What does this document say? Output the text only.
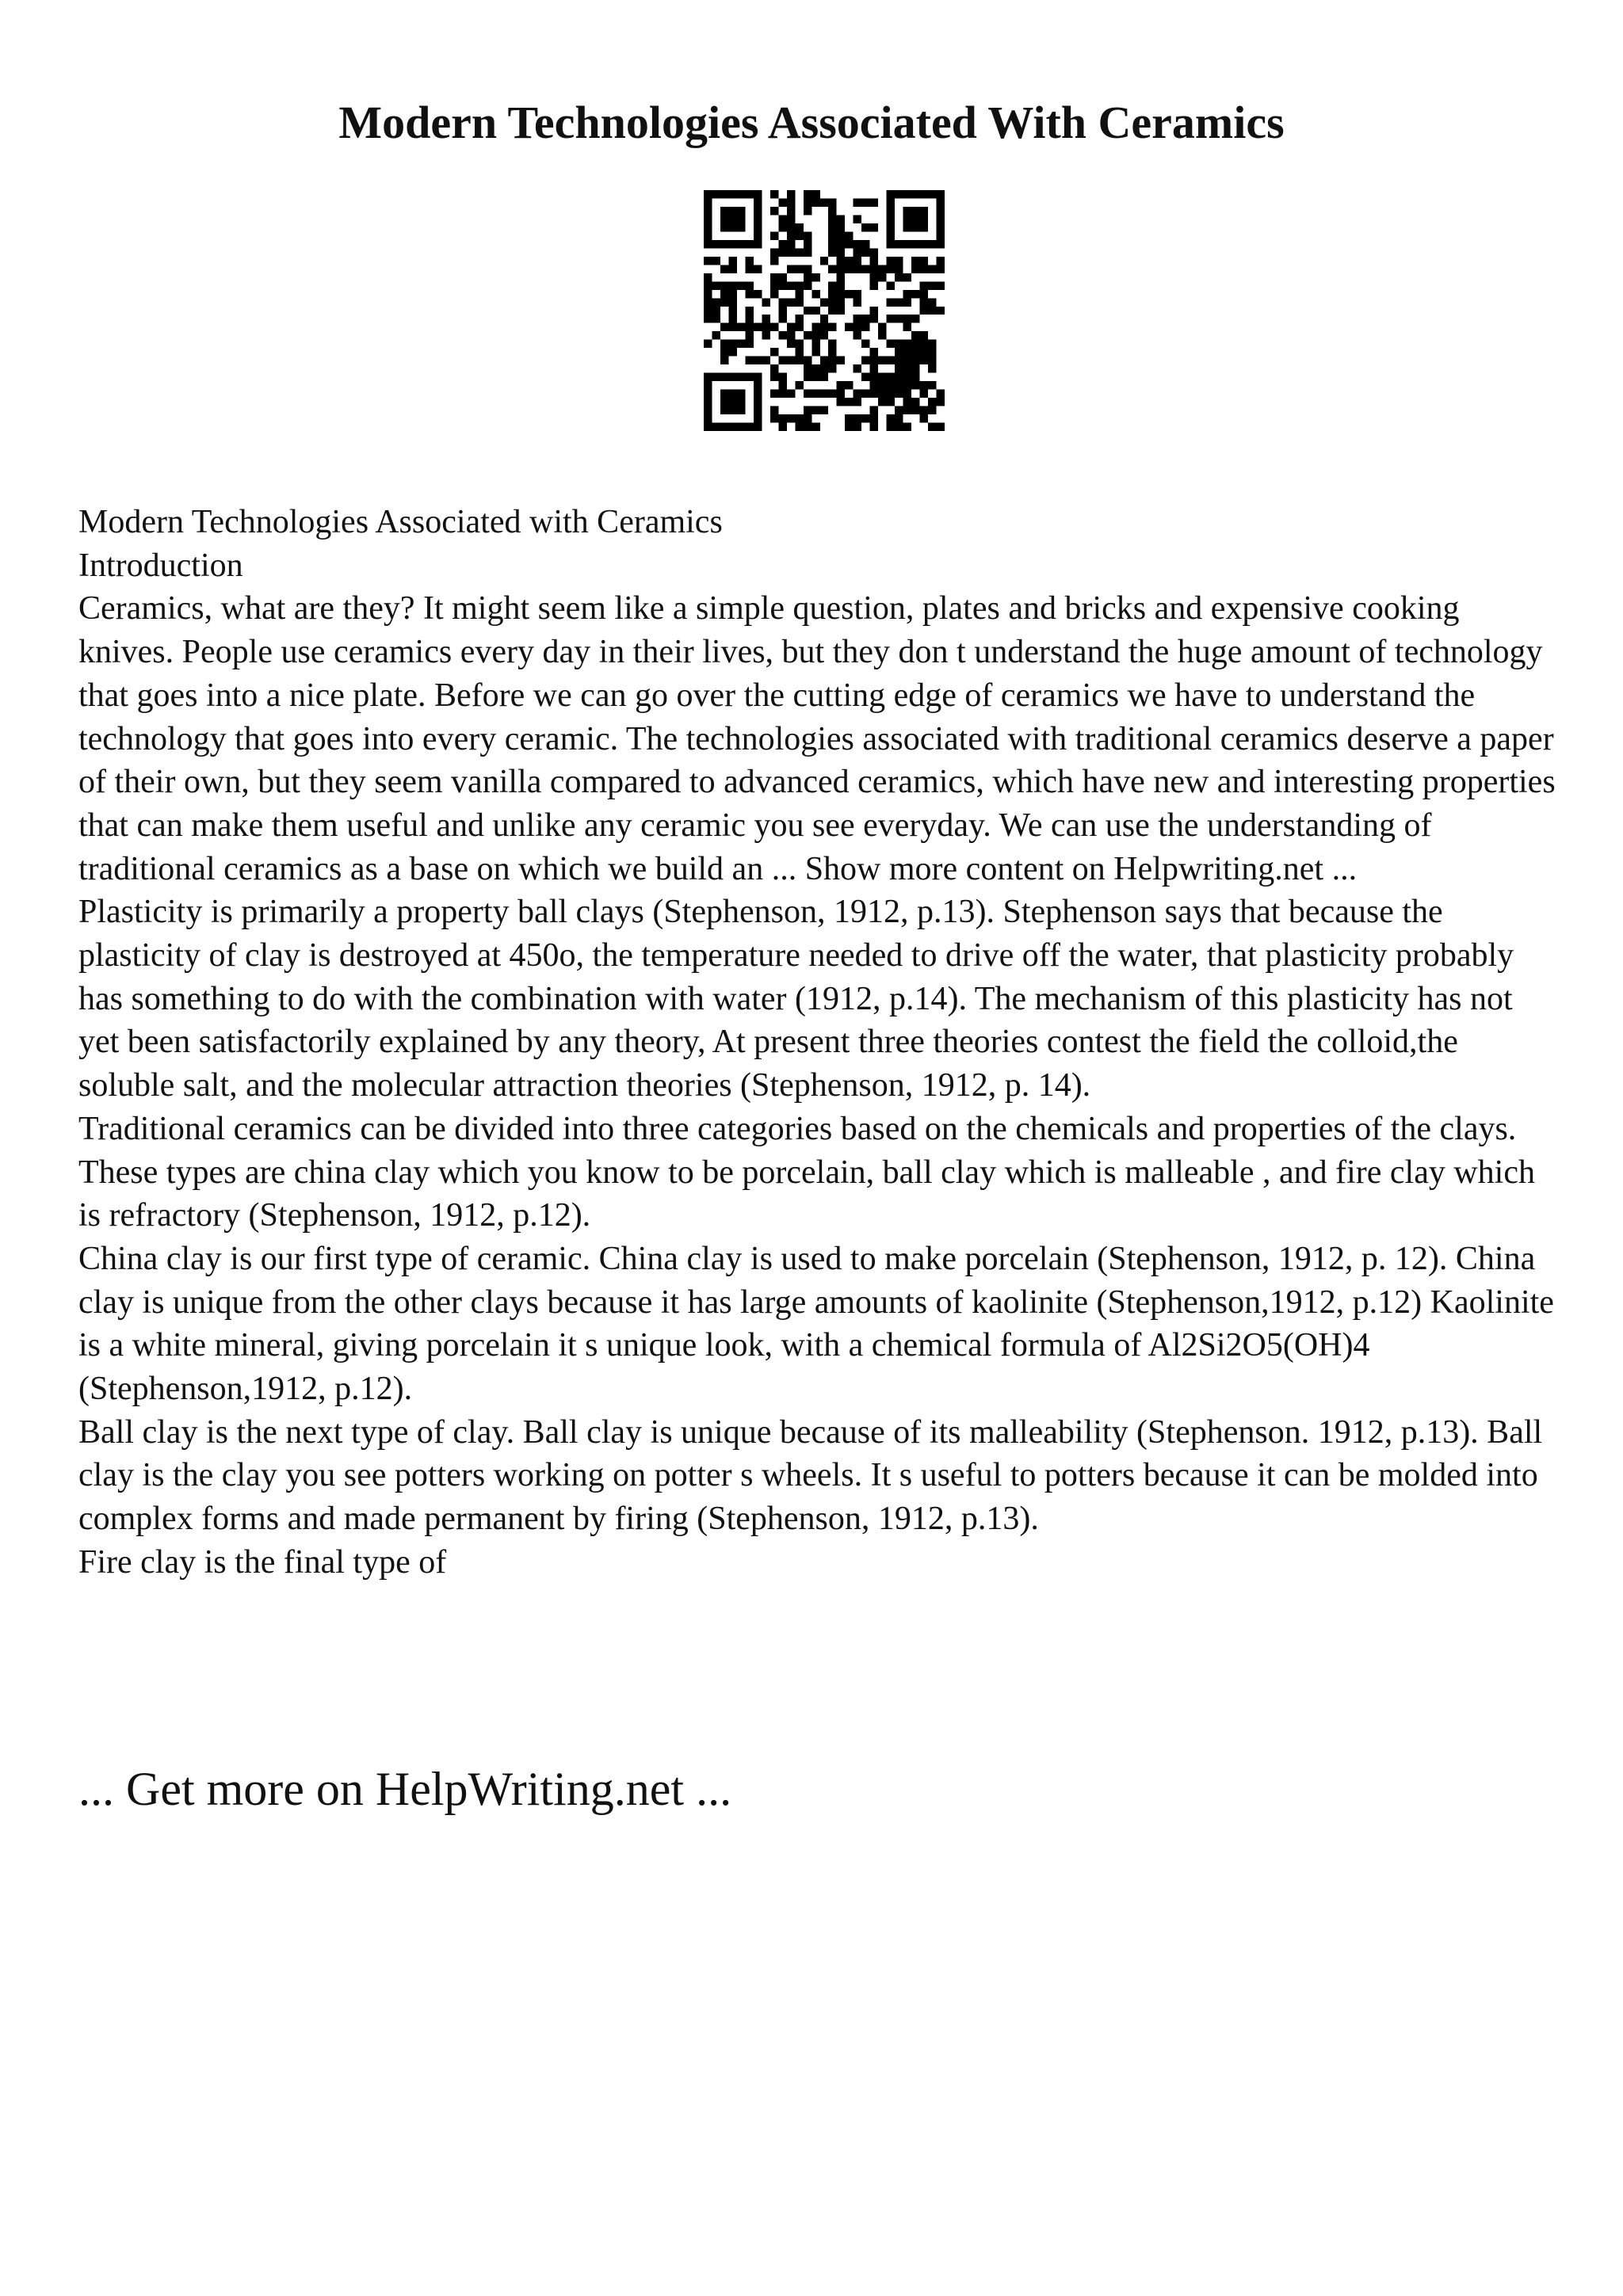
Modern Technologies Associated With Ceramics

Modern Technologies Associated with Ceramics

Introduction

Ceramics, what are they? It might seem like a simple question, plates and bricks and expensive cooking knives. People use ceramics every day in their lives, but they don t understand the huge amount of technology that goes into a nice plate. Before we can go over the cutting edge of ceramics we have to understand the technology that goes into every ceramic. The technologies associated with traditional ceramics deserve a paper of their own, but they seem vanilla compared to advanced ceramics, which have new and interesting properties that can make them useful and unlike any ceramic you see everyday. We can use the understanding of traditional ceramics as a base on which we build an ... Show more content on Helpwriting.net ...

Plasticity is primarily a property ball clays (Stephenson, 1912, p.13). Stephenson says that because the plasticity of clay is destroyed at 450o, the temperature needed to drive off the water, that plasticity probably has something to do with the combination with water (1912, p.14). The mechanism of this plasticity has not yet been satisfactorily explained by any theory, At present three theories contest the field the colloid,the soluble salt, and the molecular attraction theories (Stephenson, 1912, p. 14).

Traditional ceramics can be divided into three categories based on the chemicals and properties of the clays. These types are china clay which you know to be porcelain, ball clay which is malleable , and fire clay which is refractory (Stephenson, 1912, p.12).

China clay is our first type of ceramic. China clay is used to make porcelain (Stephenson, 1912, p. 12). China clay is unique from the other clays because it has large amounts of kaolinite (Stephenson,1912, p.12) Kaolinite is a white mineral, giving porcelain it s unique look, with a chemical formula of Al2Si2O5(OH)4 (Stephenson,1912, p.12).

Ball clay is the next type of clay. Ball clay is unique because of its malleability (Stephenson. 1912, p.13). Ball clay is the clay you see potters working on potter s wheels. It s useful to potters because it can be molded into complex forms and made permanent by firing (Stephenson, 1912, p.13).

Fire clay is the final type of

... Get more on HelpWriting.net ...
